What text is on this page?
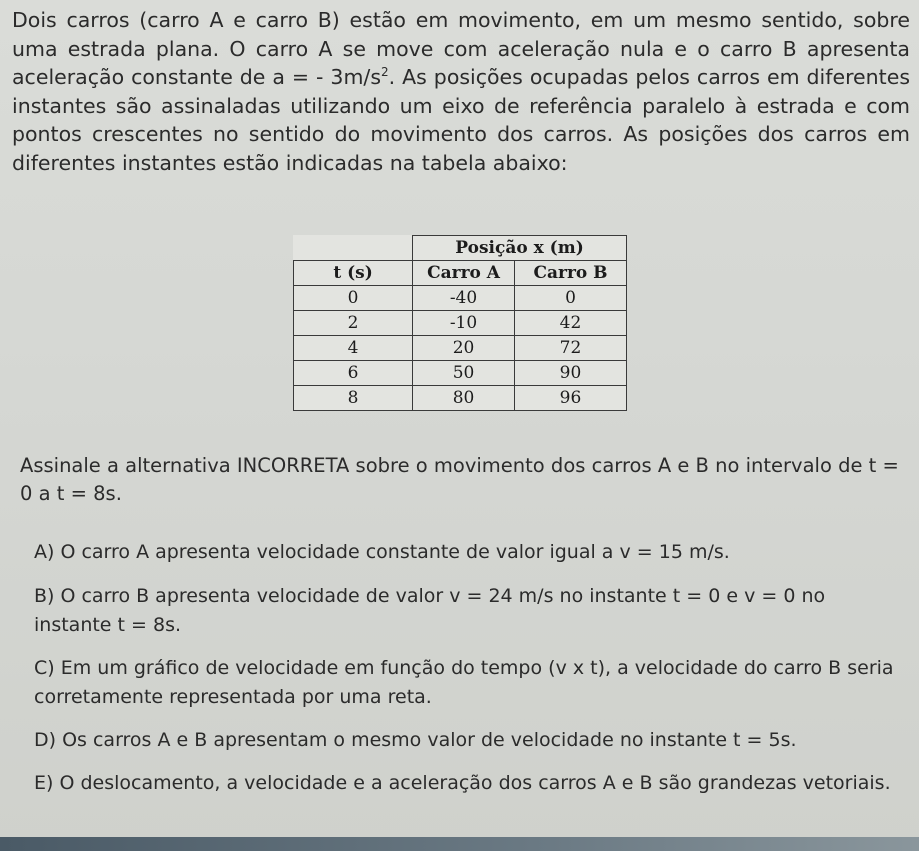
Dois carros (carro A e carro B) estão em movimento, em um mesmo sentido, sobre uma estrada plana. O carro A se move com aceleração nula e o carro B apresenta aceleração constante de a = - $3m/s^2$. As posições ocupadas pelos carros em diferentes instantes são assinaladas utilizando um eixo de referência paralelo à estrada e com pontos crescentes no sentido do movimento dos carros. As posições dos carros em diferentes instantes estão indicadas na tabela abaixo:

	Posição x (m)	
t (s)	Carro A	Carro B
0	-40	0
2	-10	42
4	20	72
6	50	90
8	80	96

Assinale a alternativa INCORRETA sobre o movimento dos carros A e B no intervalo de t = 0 a t = 8s.

A) O carro A apresenta velocidade constante de valor igual a v = 15 m/s.
B) O carro B apresenta velocidade de valor v = 24 m/s no instante t = 0 e v = 0 no instante t = 8s.
C) Em um gráfico de velocidade em função do tempo (v x t), a velocidade do carro B seria corretamente representada por uma reta.
D) Os carros A e B apresentam o mesmo valor de velocidade no instante t = 5s.
E) O deslocamento, a velocidade e a aceleração dos carros A e B são grandezas vetoriais.
